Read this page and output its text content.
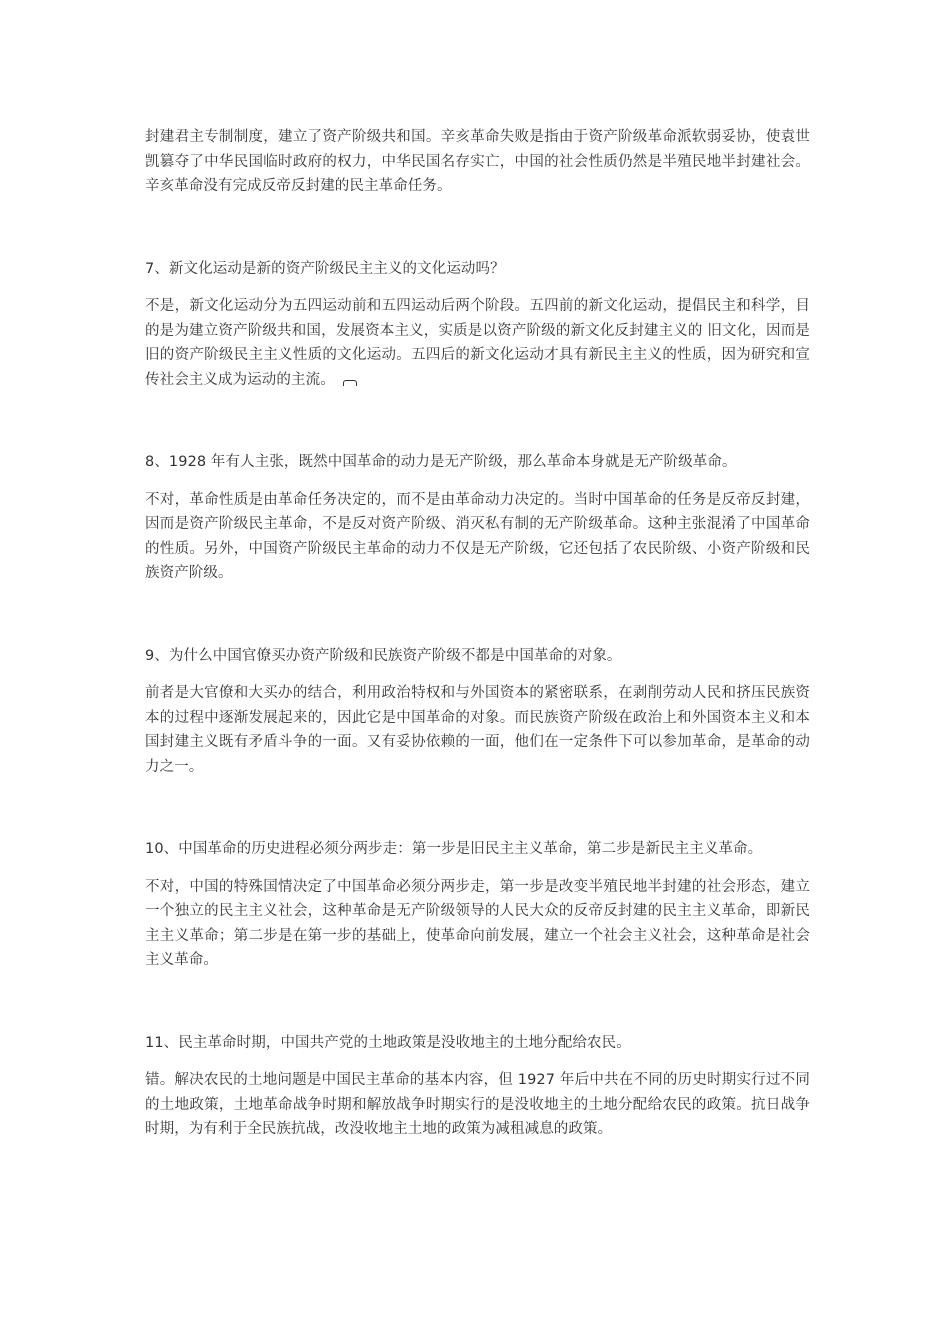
封建君主专制制度，建立了资产阶级共和国。辛亥革命失败是指由于资产阶级革命派软弱妥协，使袁世凯篡夺了中华民国临时政府的权力，中华民国名存实亡，中国的社会性质仍然是半殖民地半封建社会。辛亥革命没有完成反帝反封建的民主革命任务。

7、新文化运动是新的资产阶级民主主义的文化运动吗？

不是，新文化运动分为五四运动前和五四运动后两个阶段。五四前的新文化运动，提倡民主和科学，目的是为建立资产阶级共和国，发展资本主义，实质是以资产阶级的新文化反封建主义的 旧文化，因而是旧的资产阶级民主主义性质的文化运动。五四后的新文化运动才具有新民主主义的性质，因为研究和宣传社会主义成为运动的主流。

8、1928 年有人主张，既然中国革命的动力是无产阶级，那么革命本身就是无产阶级革命。

不对，革命性质是由革命任务决定的，而不是由革命动力决定的。当时中国革命的任务是反帝反封建，因而是资产阶级民主革命，不是反对资产阶级、消灭私有制的无产阶级革命。这种主张混淆了中国革命的性质。另外，中国资产阶级民主革命的动力不仅是无产阶级，它还包括了农民阶级、小资产阶级和民族资产阶级。

9、为什么中国官僚买办资产阶级和民族资产阶级不都是中国革命的对象。

前者是大官僚和大买办的结合，利用政治特权和与外国资本的紧密联系，在剥削劳动人民和挤压民族资本的过程中逐渐发展起来的，因此它是中国革命的对象。而民族资产阶级在政治上和外国资本主义和本国封建主义既有矛盾斗争的一面。又有妥协依赖的一面，他们在一定条件下可以参加革命，是革命的动力之一。

10、中国革命的历史进程必须分两步走：第一步是旧民主主义革命，第二步是新民主主义革命。

不对，中国的特殊国情决定了中国革命必须分两步走，第一步是改变半殖民地半封建的社会形态，建立一个独立的民主主义社会，这种革命是无产阶级领导的人民大众的反帝反封建的民主主义革命，即新民主主义革命；第二步是在第一步的基础上，使革命向前发展，建立一个社会主义社会，这种革命是社会主义革命。

11、民主革命时期，中国共产党的土地政策是没收地主的土地分配给农民。

错。解决农民的土地问题是中国民主革命的基本内容，但 1927 年后中共在不同的历史时期实行过不同的土地政策，土地革命战争时期和解放战争时期实行的是没收地主的土地分配给农民的政策。抗日战争时期，为有利于全民族抗战，改没收地主土地的政策为减租减息的政策。
